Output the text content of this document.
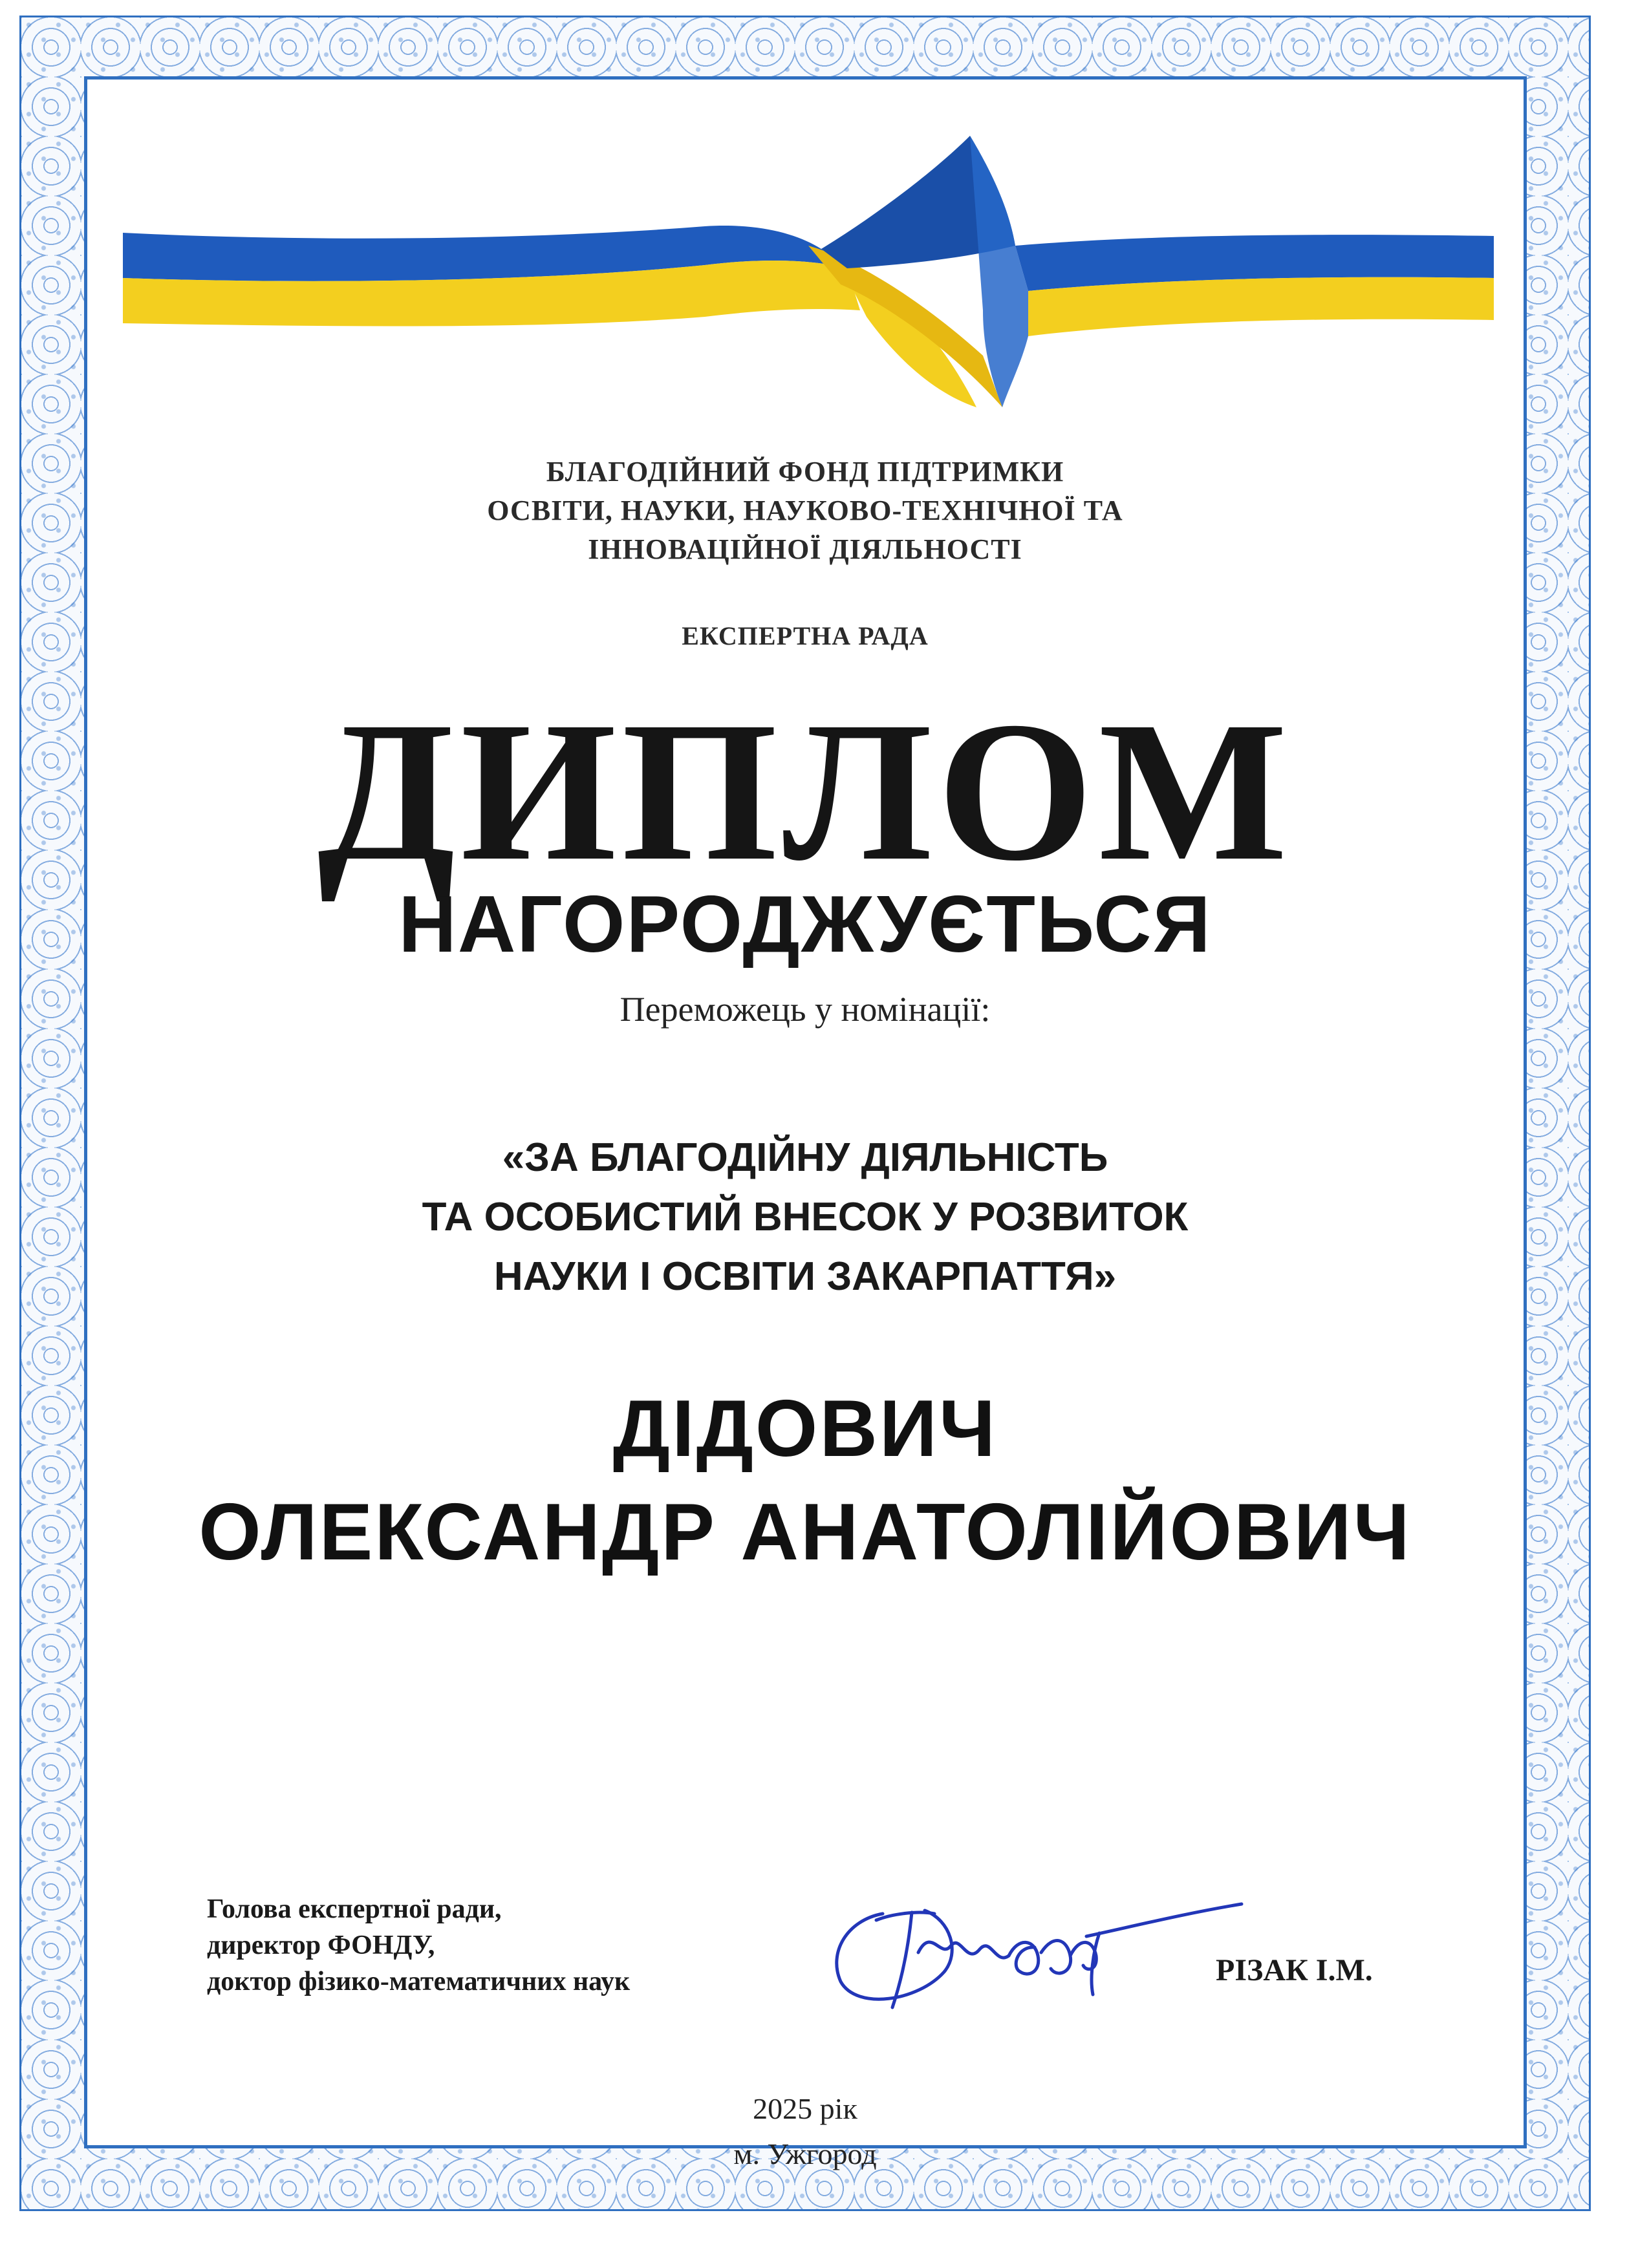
БЛАГОДІЙНИЙ ФОНД ПІДТРИМКИ
ОСВІТИ, НАУКИ, НАУКОВО-ТЕХНІЧНОЇ ТА
ІННОВАЦІЙНОЇ ДІЯЛЬНОСТІ

ЕКСПЕРТНА РАДА

ДИПЛОМ

НАГОРОДЖУЄТЬСЯ

Переможець у номінації:

«ЗА БЛАГОДІЙНУ ДІЯЛЬНІСТЬ
ТА ОСОБИСТИЙ ВНЕСОК У РОЗВИТОК
НАУКИ І ОСВІТИ ЗАКАРПАТТЯ»

ДІДОВИЧ

ОЛЕКСАНДР АНАТОЛІЙОВИЧ

Голова експертної ради,
директор ФОНДУ,
доктор фізико-математичних наук	РІЗАК І.М.

2025 рік

м. Ужгород
